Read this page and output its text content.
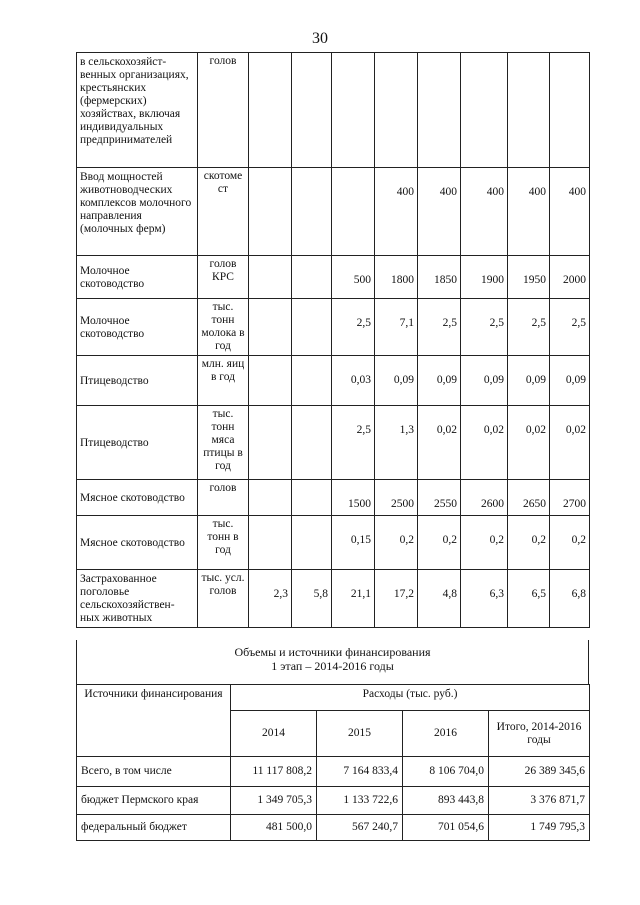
30
в сельскохозяйст-венных организациях, крестьянских (фермерских) хозяйствах, включая индивидуальных предпринимателей	голов								
Ввод мощностей животноводческих комплексов молочного направления (молочных ферм)	скотоме ст				400	400	400	400	400
Молочное скотоводство	голов КРС			500	1800	1850	1900	1950	2000
Молочное скотоводство	тыс. тонн молока в год			2,5	7,1	2,5	2,5	2,5	2,5
Птицеводство	млн. яиц в год			0,03	0,09	0,09	0,09	0,09	0,09
Птицеводство	тыс. тонн мяса птицы в год			2,5	1,3	0,02	0,02	0,02	0,02
Мясное скотоводство	голов			1500	2500	2550	2600	2650	2700
Мясное скотоводство	тыс. тонн в год			0,15	0,2	0,2	0,2	0,2	0,2
Застрахованное поголовье сельскохозяйствен-ных животных	тыс. усл. голов	2,3	5,8	21,1	17,2	4,8	6,3	6,5	6,8
Объемы и источники финансирования
1 этап – 2014-2016 годы
Источники финансирования	Расходы (тыс. руб.)			
	2014	2015	2016	Итого, 2014-2016 годы
Всего, в том числе	11 117 808,2	7 164 833,4	8 106 704,0	26 389 345,6
бюджет Пермского края	1 349 705,3	1 133 722,6	893 443,8	3 376 871,7
федеральный бюджет	481 500,0	567 240,7	701 054,6	1 749 795,3
